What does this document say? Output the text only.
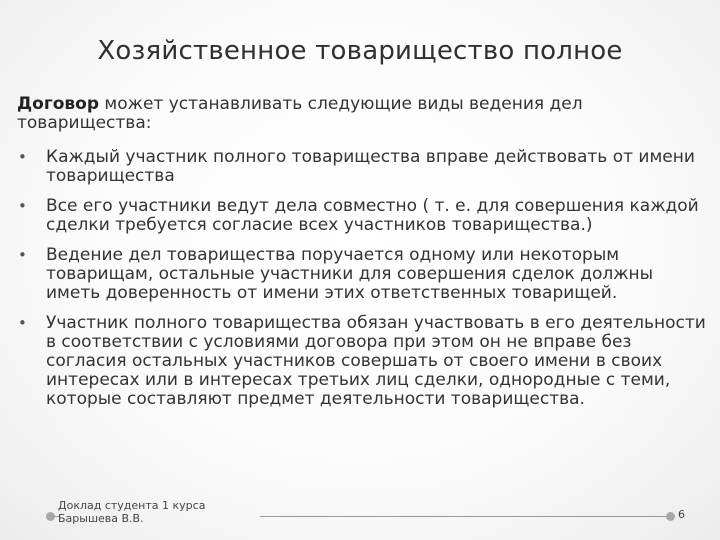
Хозяйственное товарищество полное
Договор может устанавливать следующие виды ведения дел товарищества:
•	Каждый участник полного товарищества вправе действовать от имени товарищества
•	Все его участники ведут дела совместно ( т. е. для совершения каждой сделки требуется согласие всех участников товарищества.)
•	Ведение дел товарищества поручается одному или некоторым товарищам, остальные участники для совершения сделок должны иметь доверенность от имени этих ответственных товарищей.
•	Участник полного товарищества обязан участвовать в его деятельности в соответствии с условиями договора при этом он не вправе без согласия остальных участников совершать от своего имени в своих интересах или в интересах третьих лиц сделки, однородные с теми, которые составляют предмет деятельности товарищества.
Доклад студента 1 курса
Барышева В.В.	6
